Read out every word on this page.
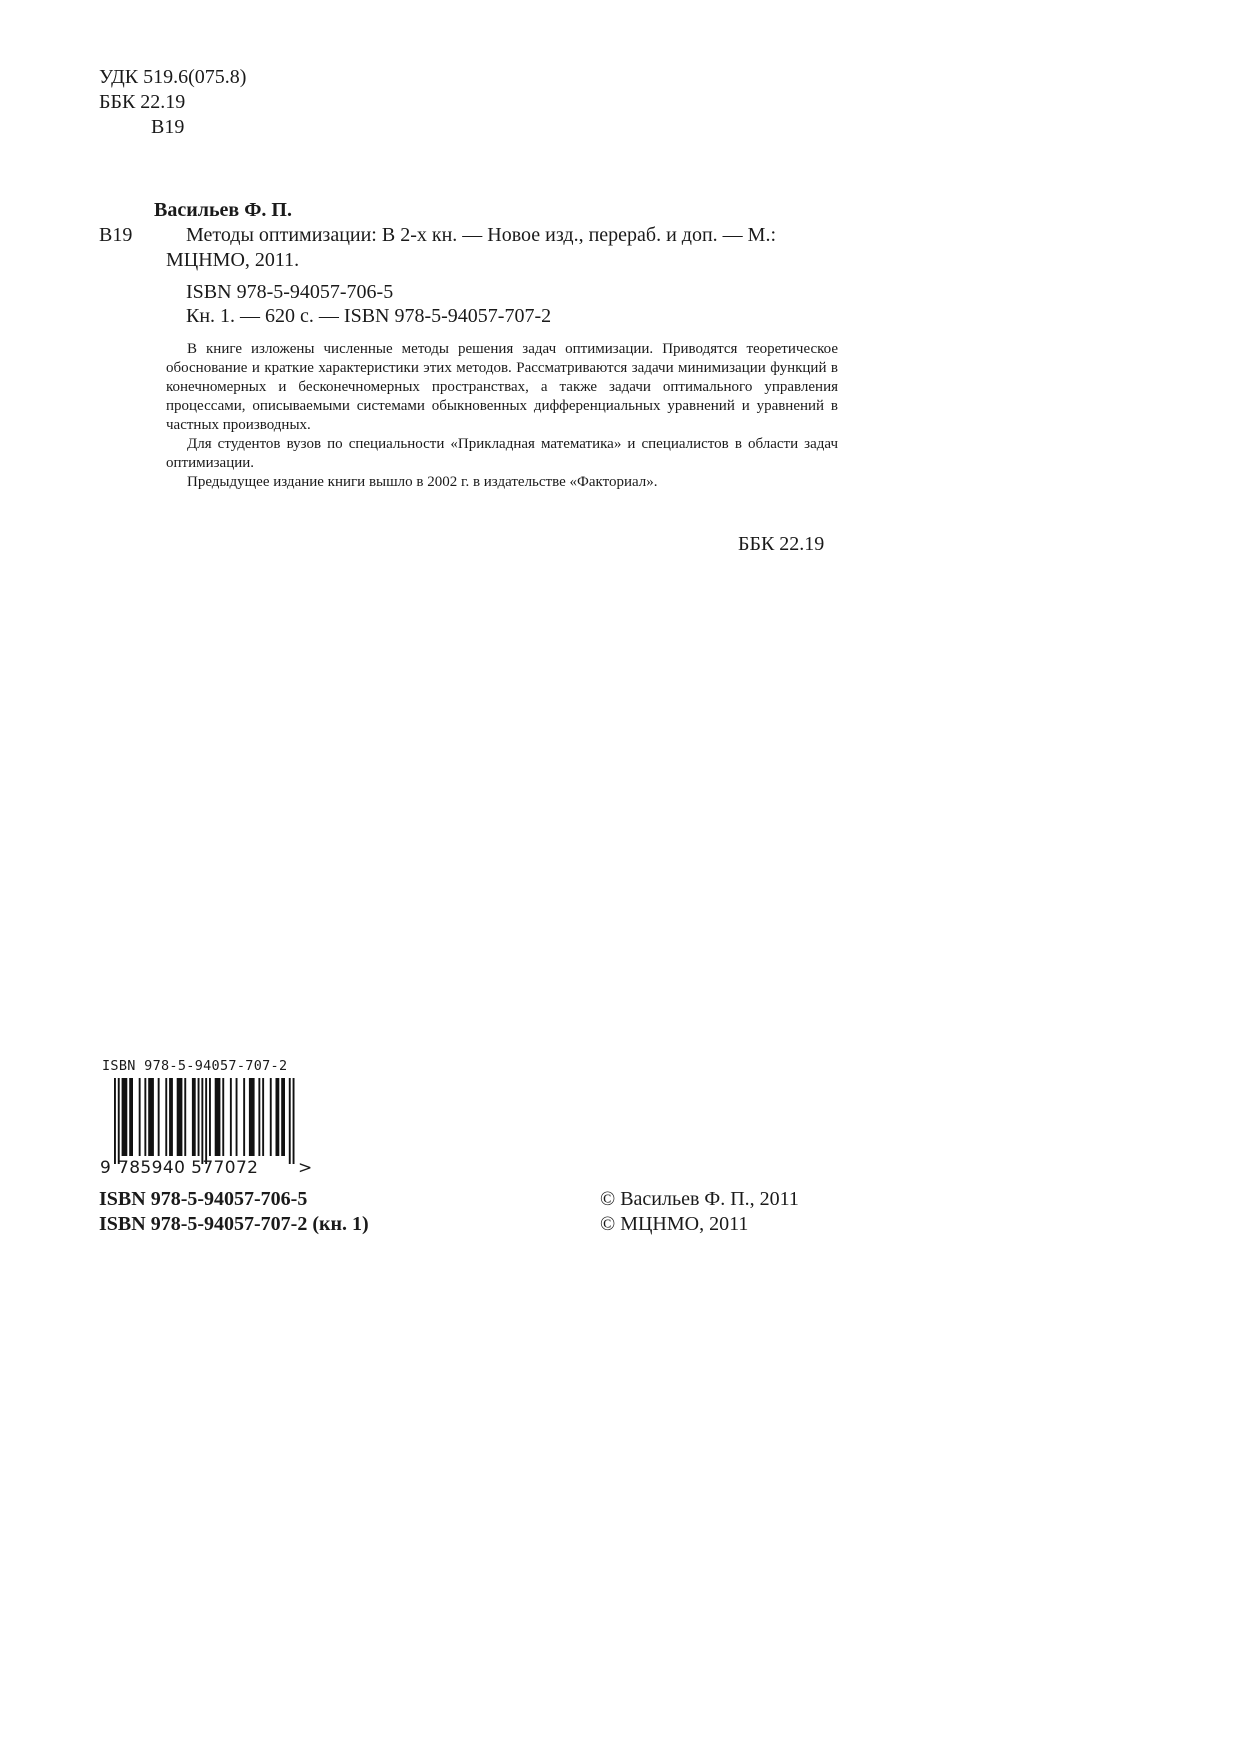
УДК 519.6(075.8)
ББК 22.19
В19
Васильев Ф. П.
В19	Методы оптимизации: В 2-х кн. — Новое изд., перераб. и доп. — М.:
МЦНМО, 2011.
ISBN 978-5-94057-706-5
Кн. 1. — 620 с. — ISBN 978-5-94057-707-2

В книге изложены численные методы решения задач оптимизации. Приводятся теоретическое обоснование и краткие характеристики этих методов. Рассматриваются задачи минимизации функций в конечномерных и бесконечномерных пространствах, а также задачи оптимального управления процессами, описываемыми системами обыкновенных дифференциальных уравнений и уравнений в частных производных.

Для студентов вузов по специальности «Прикладная математика» и специалистов в области задач оптимизации.

Предыдущее издание книги вышло в 2002 г. в издательстве «Факториал».

ББК 22.19
ISBN 978-5-94057-707-2
9 785940 577072 >
ISBN 978-5-94057-706-5
ISBN 978-5-94057-707-2 (кн. 1)
© Васильев Ф. П., 2011
© МЦНМО, 2011
